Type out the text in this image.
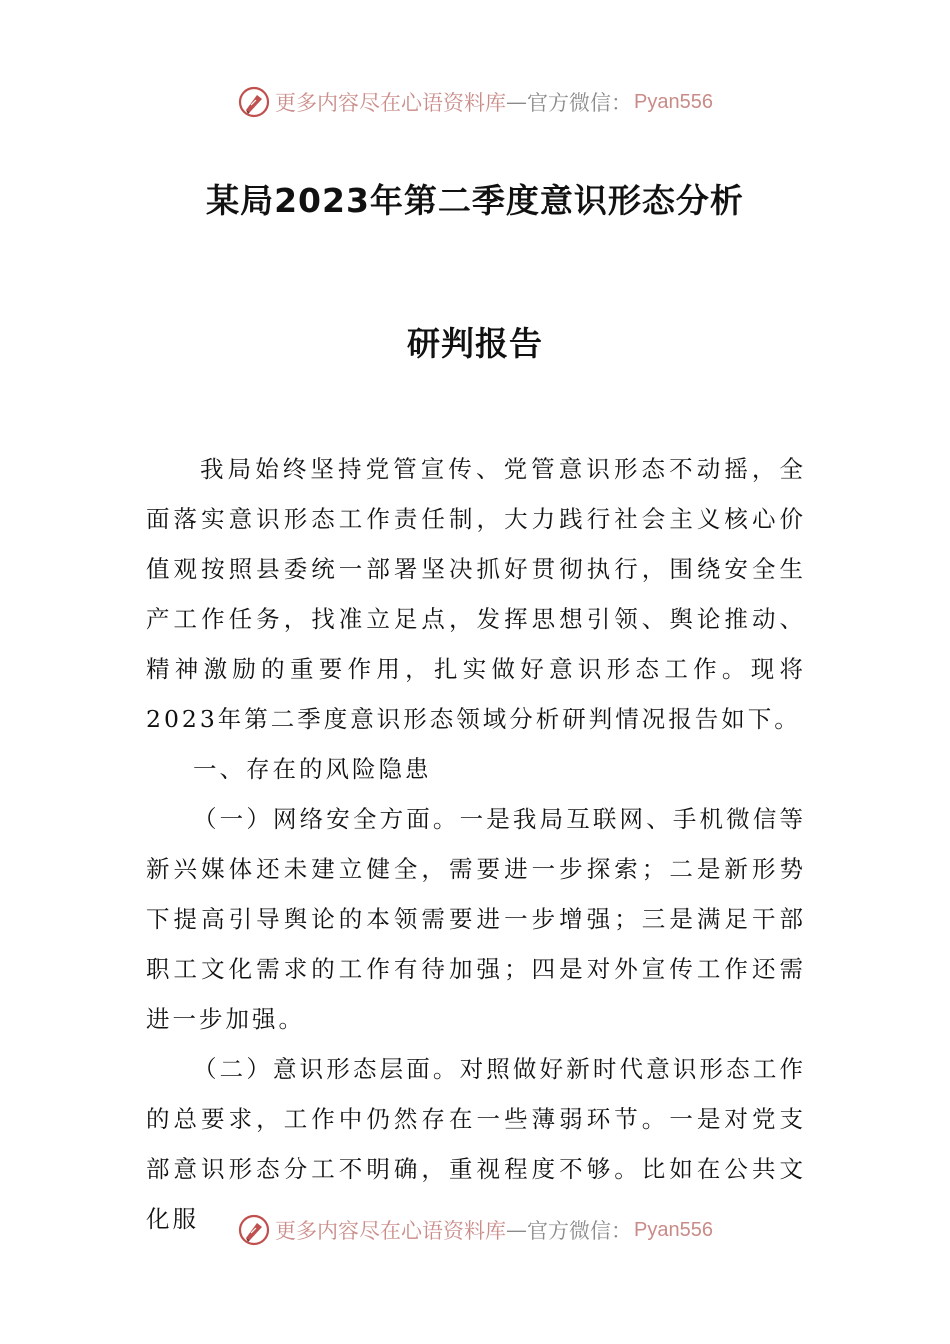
更多内容尽在心语资料库 — 官方微信： Pyan556
某局2023年第二季度意识形态分析
研判报告

我局始终坚持党管宣传、党管意识形态不动摇，全面落实意识形态工作责任制，大力践行社会主义核心价值观按照县委统一部署坚决抓好贯彻执行，围绕安全生产工作任务，找准立足点，发挥思想引领、舆论推动、精神激励的重要作用，扎实做好意识形态工作。现将2023年第二季度意识形态领域分析研判情况报告如下。

一、存在的风险隐患

（一）网络安全方面。一是我局互联网、手机微信等新兴媒体还未建立健全，需要进一步探索；二是新形势下提高引导舆论的本领需要进一步增强；三是满足干部职工文化需求的工作有待加强；四是对外宣传工作还需进一步加强。

（二）意识形态层面。对照做好新时代意识形态工作的总要求，工作中仍然存在一些薄弱环节。一是对党支部意识形态分工不明确，重视程度不够。比如在公共文化服	更多内容尽在心语资料库 — 官方微信： Pyan556
